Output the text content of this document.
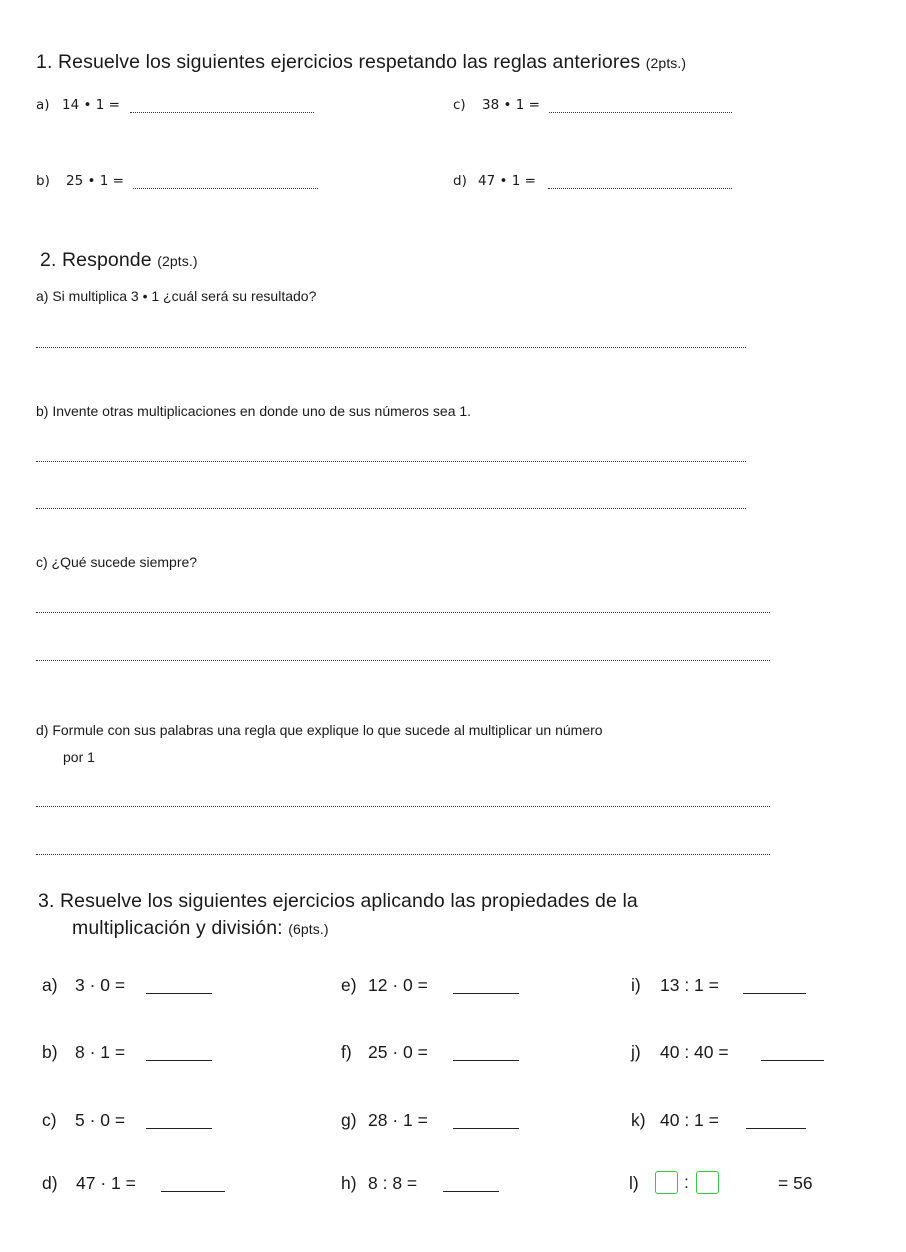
1. Resuelve los siguientes ejercicios respetando las reglas anteriores (2pts.)
a) 14 • 1 =	c) 38 • 1 =
b) 25 • 1 =	d) 47 • 1 =
2. Responde (2pts.)
a) Si multiplica 3 • 1 ¿cuál será su resultado?
b) Invente otras multiplicaciones en donde uno de sus números sea 1.
c) ¿Qué sucede siempre?
d) Formule con sus palabras una regla que explique lo que sucede al multiplicar un número
por 1
3. Resuelve los siguientes ejercicios aplicando las propiedades de la
multiplicación y división: (6pts.)
a) 3 · 0 =	e) 12 · 0 =	i) 13 : 1 =
b) 8 · 1 =	f) 25 · 0 =	j) 40 : 40 =
c) 5 · 0 =	g) 28 · 1 =	k) 40 : 1 =
d) 47 · 1 =	h) 8 : 8 =	l)	:	= 56
